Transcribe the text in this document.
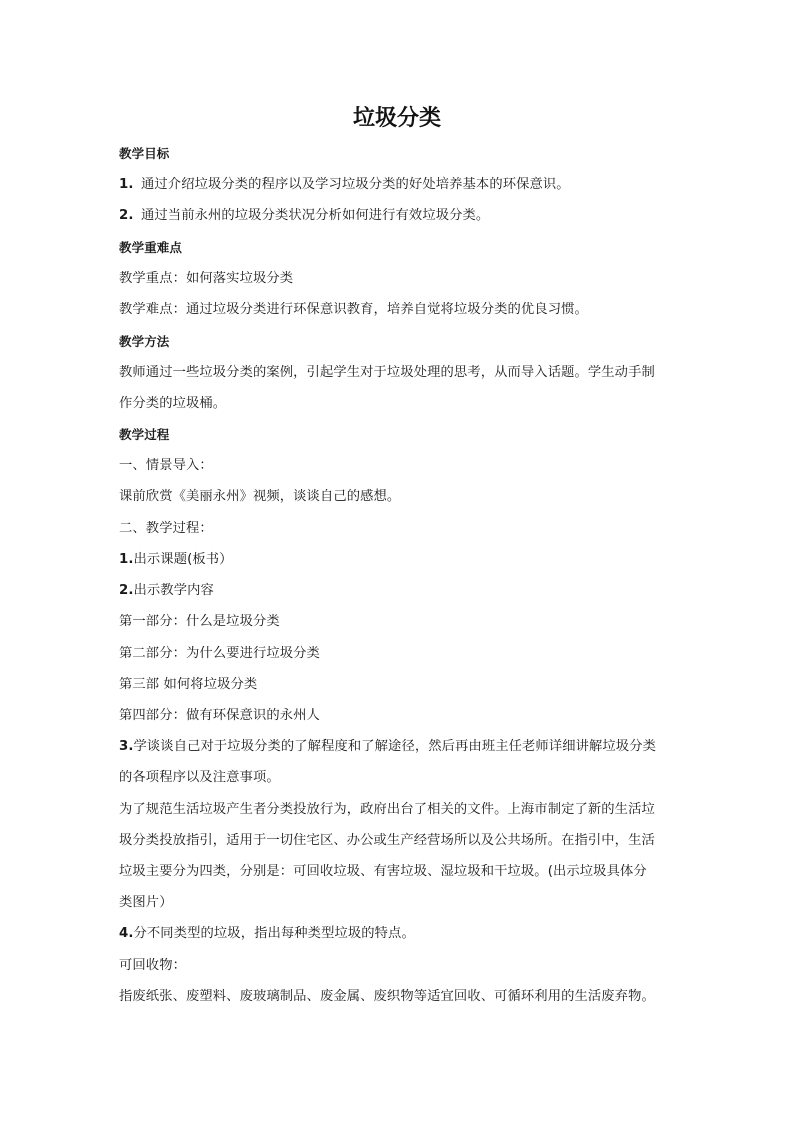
垃圾分类
教学目标
1. 通过介绍垃圾分类的程序以及学习垃圾分类的好处培养基本的环保意识。
2. 通过当前永州的垃圾分类状况分析如何进行有效垃圾分类。
教学重难点
教学重点：如何落实垃圾分类
教学难点：通过垃圾分类进行环保意识教育，培养自觉将垃圾分类的优良习惯。
教学方法
教师通过一些垃圾分类的案例，引起学生对于垃圾处理的思考，从而导入话题。学生动手制
作分类的垃圾桶。
教学过程
一、情景导入：
课前欣赏《美丽永州》视频，谈谈自己的感想。
二、教学过程：
1.出示课题(板书）
2.出示教学内容
第一部分：什么是垃圾分类
第二部分：为什么要进行垃圾分类
第三部 如何将垃圾分类
第四部分：做有环保意识的永州人
3.学谈谈自己对于垃圾分类的了解程度和了解途径，然后再由班主任老师详细讲解垃圾分类
的各项程序以及注意事项。
为了规范生活垃圾产生者分类投放行为，政府出台了相关的文件。上海市制定了新的生活垃
圾分类投放指引，适用于一切住宅区、办公或生产经营场所以及公共场所。在指引中，生活
垃圾主要分为四类，分别是：可回收垃圾、有害垃圾、湿垃圾和干垃圾。(出示垃圾具体分
类图片）
4.分不同类型的垃圾，指出每种类型垃圾的特点。
可回收物：
指废纸张、废塑料、废玻璃制品、废金属、废织物等适宜回收、可循环利用的生活废弃物。
